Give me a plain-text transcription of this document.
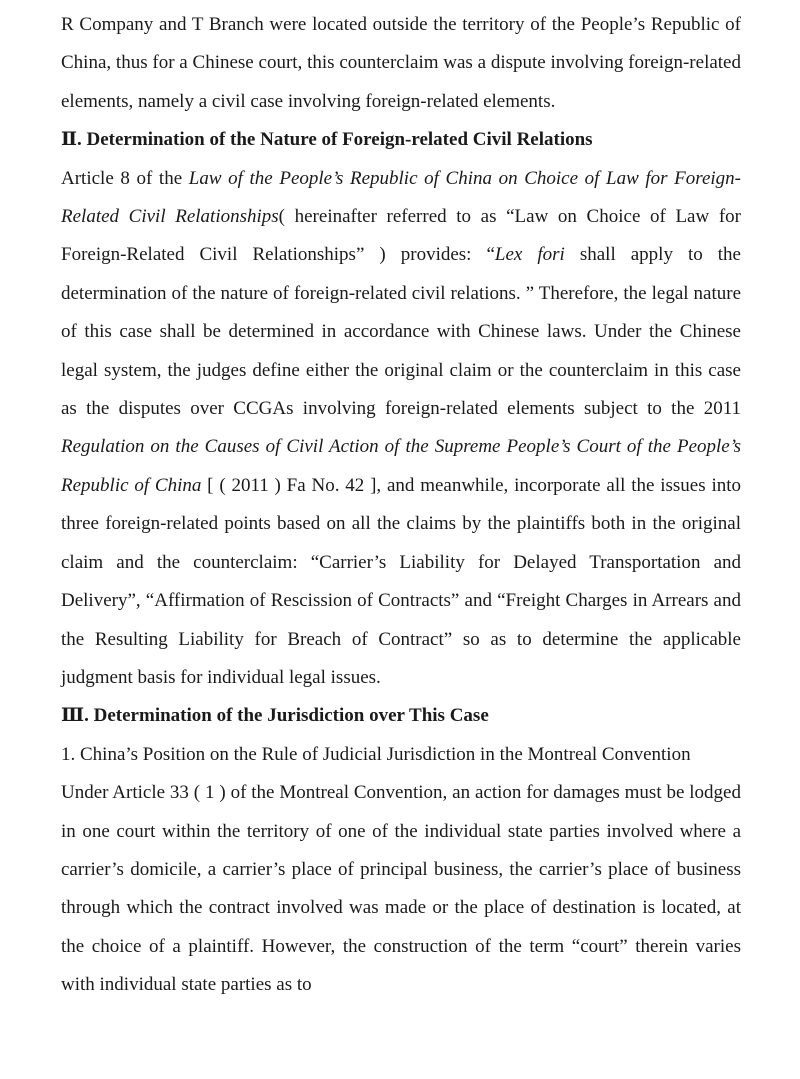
R Company and T Branch were located outside the territory of the People’s Republic of China, thus for a Chinese court, this counterclaim was a dispute involving foreign-related elements, namely a civil case involving foreign-related elements.

Ⅱ. Determination of the Nature of Foreign-related Civil Relations

Article 8 of the Law of the People’s Republic of China on Choice of Law for Foreign-Related Civil Relationships( hereinafter referred to as “Law on Choice of Law for Foreign-Related Civil Relationships” ) provides: “Lex fori shall apply to the determination of the nature of foreign-related civil relations. ” Therefore, the legal nature of this case shall be determined in accordance with Chinese laws. Under the Chinese legal system, the judges define either the original claim or the counterclaim in this case as the disputes over CCGAs involving foreign-related elements subject to the 2011 Regulation on the Causes of Civil Action of the Supreme People’s Court of the People’s Republic of China [ ( 2011 ) Fa No. 42 ], and meanwhile, incorporate all the issues into three foreign-related points based on all the claims by the plaintiffs both in the original claim and the counterclaim: “Carrier’s Liability for Delayed Transportation and Delivery”, “Affirmation of Rescission of Contracts” and “Freight Charges in Arrears and the Resulting Liability for Breach of Contract” so as to determine the applicable judgment basis for individual legal issues.

Ⅲ. Determination of the Jurisdiction over This Case

1. China’s Position on the Rule of Judicial Jurisdiction in the Montreal Convention

Under Article 33 ( 1 ) of the Montreal Convention, an action for damages must be lodged in one court within the territory of one of the individual state parties involved where a carrier’s domicile, a carrier’s place of principal business, the carrier’s place of business through which the contract involved was made or the place of destination is located, at the choice of a plaintiff. However, the construction of the term “court” therein varies with individual state parties as to
